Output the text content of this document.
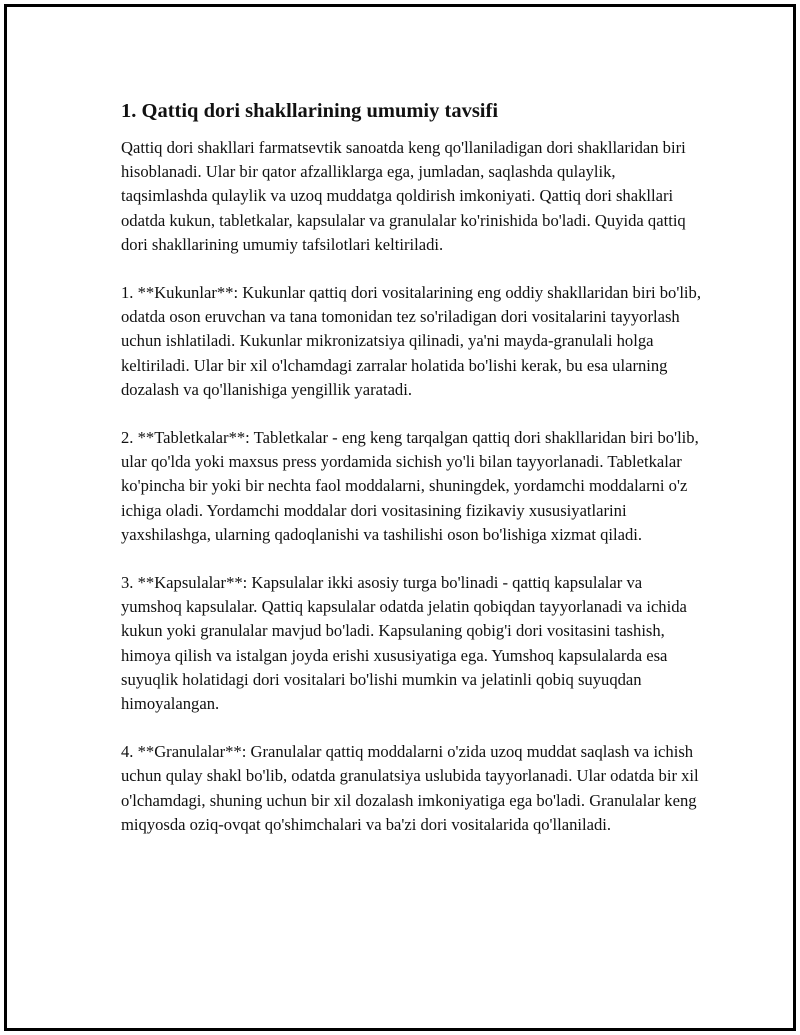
1. Qattiq dori shakllarining umumiy tavsifi

Qattiq dori shakllari farmatsevtik sanoatda keng qo'llaniladigan dori shakllaridan biri hisoblanadi. Ular bir qator afzalliklarga ega, jumladan, saqlashda qulaylik, taqsimlashda qulaylik va uzoq muddatga qoldirish imkoniyati. Qattiq dori shakllari odatda kukun, tabletkalar, kapsulalar va granulalar ko'rinishida bo'ladi. Quyida qattiq dori shakllarining umumiy tafsilotlari keltiriladi.

1. **Kukunlar**: Kukunlar qattiq dori vositalarining eng oddiy shakllaridan biri bo'lib, odatda oson eruvchan va tana tomonidan tez so'riladigan dori vositalarini tayyorlash uchun ishlatiladi. Kukunlar mikronizatsiya qilinadi, ya'ni mayda-granulali holga keltiriladi. Ular bir xil o'lchamdagi zarralar holatida bo'lishi kerak, bu esa ularning dozalash va qo'llanishiga yengillik yaratadi.

2. **Tabletkalar**: Tabletkalar - eng keng tarqalgan qattiq dori shakllaridan biri bo'lib, ular qo'lda yoki maxsus press yordamida sichish yo'li bilan tayyorlanadi. Tabletkalar ko'pincha bir yoki bir nechta faol moddalarni, shuningdek, yordamchi moddalarni o'z ichiga oladi. Yordamchi moddalar dori vositasining fizikaviy xususiyatlarini yaxshilashga, ularning qadoqlanishi va tashilishi oson bo'lishiga xizmat qiladi.

3. **Kapsulalar**: Kapsulalar ikki asosiy turga bo'linadi - qattiq kapsulalar va yumshoq kapsulalar. Qattiq kapsulalar odatda jelatin qobiqdan tayyorlanadi va ichida kukun yoki granulalar mavjud bo'ladi. Kapsulaning qobig'i dori vositasini tashish, himoya qilish va istalgan joyda erishi xususiyatiga ega. Yumshoq kapsulalarda esa suyuqlik holatidagi dori vositalari bo'lishi mumkin va jelatinli qobiq suyuqdan himoyalangan.

4. **Granulalar**: Granulalar qattiq moddalarni o'zida uzoq muddat saqlash va ichish uchun qulay shakl bo'lib, odatda granulatsiya uslubida tayyorlanadi. Ular odatda bir xil o'lchamdagi, shuning uchun bir xil dozalash imkoniyatiga ega bo'ladi. Granulalar keng miqyosda oziq-ovqat qo'shimchalari va ba'zi dori vositalarida qo'llaniladi.
